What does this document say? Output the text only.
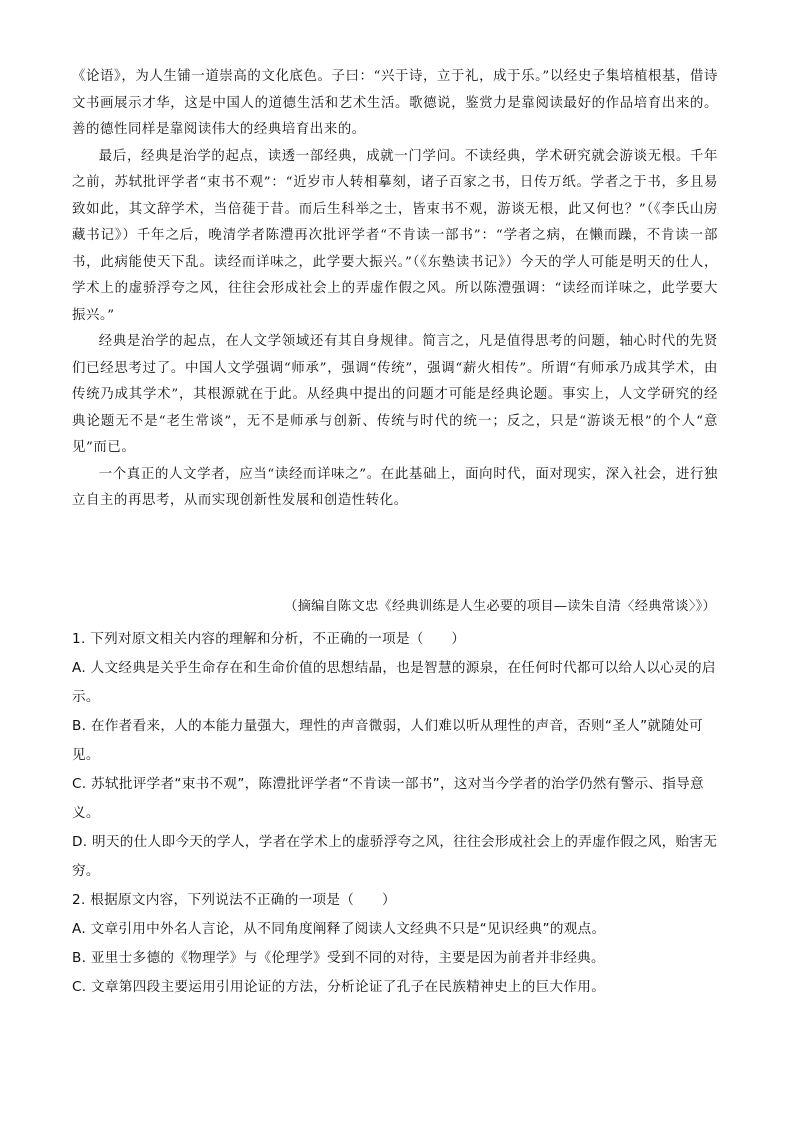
《论语》，为人生铺一道崇高的文化底色。子曰：“兴于诗，立于礼，成于乐。”以经史子集培植根基，借诗文书画展示才华，这是中国人的道德生活和艺术生活。歌德说，鉴赏力是靠阅读最好的作品培育出来的。善的德性同样是靠阅读伟大的经典培育出来的。

最后，经典是治学的起点，读透一部经典，成就一门学问。不读经典，学术研究就会游谈无根。千年之前，苏轼批评学者“束书不观”：“近岁市人转相摹刻，诸子百家之书，日传万纸。学者之于书，多且易致如此，其文辞学术，当倍蓰于昔。而后生科举之士，皆束书不观，游谈无根，此又何也？”（《李氏山房藏书记》）千年之后，晚清学者陈澧再次批评学者“不肯读一部书”：“学者之病，在懒而躁，不肯读一部书，此病能使天下乱。读经而详味之，此学要大振兴。”（《东塾读书记》）今天的学人可能是明天的仕人，学术上的虚骄浮夸之风，往往会形成社会上的弄虚作假之风。所以陈澧强调：“读经而详味之，此学要大振兴。”

经典是治学的起点，在人文学领域还有其自身规律。简言之，凡是值得思考的问题，轴心时代的先贤们已经思考过了。中国人文学强调“师承”，强调“传统”，强调“薪火相传”。所谓“有师承乃成其学术，由传统乃成其学术”，其根源就在于此。从经典中提出的问题才可能是经典论题。事实上，人文学研究的经典论题无不是“老生常谈”，无不是师承与创新、传统与时代的统一；反之，只是“游谈无根”的个人“意见”而已。

一个真正的人文学者，应当“读经而详味之”。在此基础上，面向时代，面对现实，深入社会，进行独立自主的再思考，从而实现创新性发展和创造性转化。

（摘编自陈文忠《经典训练是人生必要的项目—读朱自清〈经典常谈〉》）

1. 下列对原文相关内容的理解和分析，不正确的一项是（　　）

A. 人文经典是关乎生命存在和生命价值的思想结晶，也是智慧的源泉，在任何时代都可以给人以心灵的启示。

B. 在作者看来，人的本能力量强大，理性的声音微弱，人们难以听从理性的声音，否则“圣人”就随处可见。

C. 苏轼批评学者“束书不观”，陈澧批评学者“不肯读一部书”，这对当今学者的治学仍然有警示、指导意义。

D. 明天的仕人即今天的学人，学者在学术上的虚骄浮夸之风，往往会形成社会上的弄虚作假之风，贻害无穷。

2. 根据原文内容，下列说法不正确的一项是（　　）

A. 文章引用中外名人言论，从不同角度阐释了阅读人文经典不只是“见识经典”的观点。

B. 亚里士多德的《物理学》与《伦理学》受到不同的对待，主要是因为前者并非经典。

C. 文章第四段主要运用引用论证的方法，分析论证了孔子在民族精神史上的巨大作用。
